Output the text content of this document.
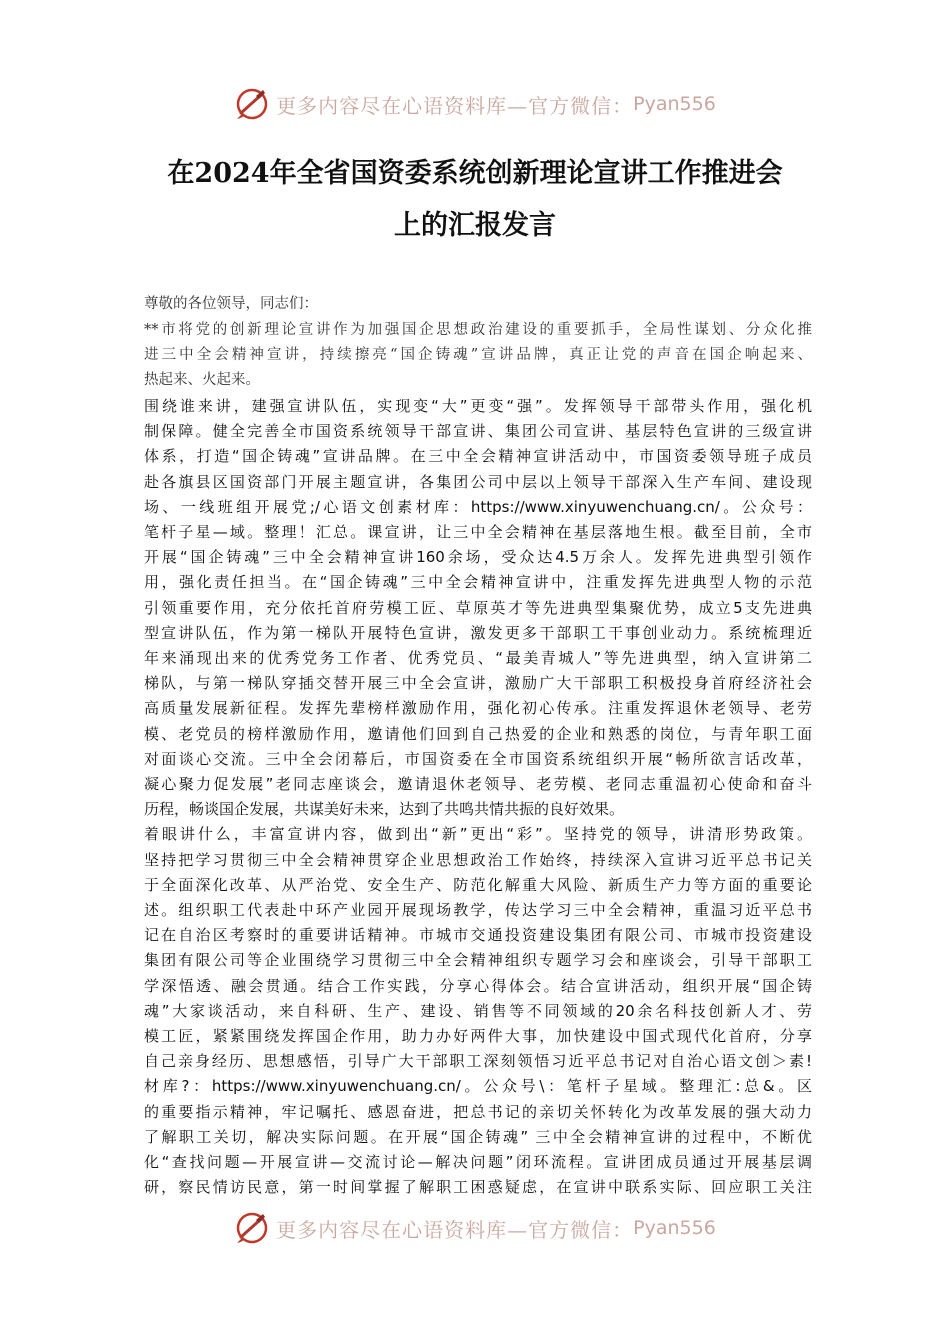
更多内容尽在心语资料库—官方微信： Pyan556
在2024年全省国资委系统创新理论宣讲工作推进会
上的汇报发言
尊敬的各位领导，同志们：
**市将党的创新理论宣讲作为加强国企思想政治建设的重要抓手，全局性谋划、分众化推
进三中全会精神宣讲，持续擦亮“国企铸魂”宣讲品牌，真正让党的声音在国企响起来、
热起来、火起来。
围绕谁来讲，建强宣讲队伍，实现变“大”更变“强”。发挥领导干部带头作用，强化机
制保障。健全完善全市国资系统领导干部宣讲、集团公司宣讲、基层特色宣讲的三级宣讲
体系，打造“国企铸魂”宣讲品牌。在三中全会精神宣讲活动中，市国资委领导班子成员
赴各旗县区国资部门开展主题宣讲，各集团公司中层以上领导干部深入生产车间、建设现
场、一线班组开展党;/心语文创素材库：https://www.xinyuwenchuang.cn/。公众号：
笔杆子星—域。整理！汇总。课宣讲，让三中全会精神在基层落地生根。截至目前，全市
开展“国企铸魂”三中全会精神宣讲160余场，受众达4.5万余人。发挥先进典型引领作
用，强化责任担当。在“国企铸魂”三中全会精神宣讲中，注重发挥先进典型人物的示范
引领重要作用，充分依托首府劳模工匠、草原英才等先进典型集聚优势，成立5支先进典
型宣讲队伍，作为第一梯队开展特色宣讲，激发更多干部职工干事创业动力。系统梳理近
年来涌现出来的优秀党务工作者、优秀党员、“最美青城人”等先进典型，纳入宣讲第二
梯队，与第一梯队穿插交替开展三中全会宣讲，激励广大干部职工积极投身首府经济社会
高质量发展新征程。发挥先辈榜样激励作用，强化初心传承。注重发挥退休老领导、老劳
模、老党员的榜样激励作用，邀请他们回到自己热爱的企业和熟悉的岗位，与青年职工面
对面谈心交流。三中全会闭幕后，市国资委在全市国资系统组织开展“畅所欲言话改革，
凝心聚力促发展”老同志座谈会，邀请退休老领导、老劳模、老同志重温初心使命和奋斗
历程，畅谈国企发展，共谋美好未来，达到了共鸣共情共振的良好效果。
着眼讲什么，丰富宣讲内容，做到出“新”更出“彩”。坚持党的领导，讲清形势政策。
坚持把学习贯彻三中全会精神贯穿企业思想政治工作始终，持续深入宣讲习近平总书记关
于全面深化改革、从严治党、安全生产、防范化解重大风险、新质生产力等方面的重要论
述。组织职工代表赴中环产业园开展现场教学，传达学习三中全会精神，重温习近平总书
记在自治区考察时的重要讲话精神。市城市交通投资建设集团有限公司、市城市投资建设
集团有限公司等企业围绕学习贯彻三中全会精神组织专题学习会和座谈会，引导干部职工
学深悟透、融会贯通。结合工作实践，分享心得体会。结合宣讲活动，组织开展“国企铸
魂”大家谈活动，来自科研、生产、建设、销售等不同领域的20余名科技创新人才、劳
模工匠，紧紧围绕发挥国企作用，助力办好两件大事，加快建设中国式现代化首府，分享
自己亲身经历、思想感悟，引导广大干部职工深刻领悟习近平总书记对自治心语文创＞素!
材库?：https://www.xinyuwenchuang.cn/。公众号\：笔杆子星域。整理汇:总&。区
的重要指示精神，牢记嘱托、感恩奋进，把总书记的亲切关怀转化为改革发展的强大动力
了解职工关切，解决实际问题。在开展“国企铸魂” 三中全会精神宣讲的过程中，不断优
化“查找问题—开展宣讲—交流讨论—解决问题”闭环流程。宣讲团成员通过开展基层调
研，察民情访民意，第一时间掌握了解职工困惑疑虑，在宣讲中联系实际、回应职工关注
更多内容尽在心语资料库—官方微信： Pyan556
